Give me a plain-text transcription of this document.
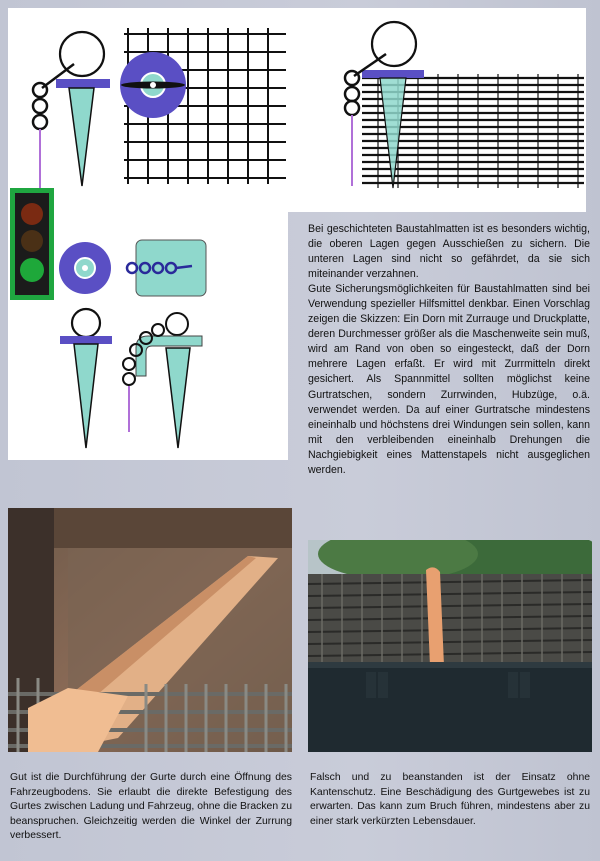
Bei geschichteten Baustahlmatten ist es besonders wichtig, die oberen Lagen gegen Ausschießen zu sichern. Die unteren Lagen sind nicht so gefährdet, da sie sich miteinander verzahnen.

Gute Sicherungsmöglichkeiten für Baustahlmatten sind bei Verwendung spezieller Hilfsmittel denkbar. Einen Vorschlag zeigen die Skizzen: Ein Dorn mit Zurrauge und Druckplatte, deren Durchmesser größer als die Maschenweite sein muß, wird am Rand von oben so eingesteckt, daß der Dorn mehrere Lagen erfaßt. Er wird mit Zurrmitteln direkt gesichert. Als Spannmittel sollten möglichst keine Gurtratschen, sondern Zurrwinden, Hubzüge, o.ä. verwendet werden. Da auf einer Gurtratsche mindestens eineinhalb und höchstens drei Windungen sein sollen, kann mit den verbleibenden eineinhalb Drehungen die Nachgiebigkeit eines Mattenstapels nicht ausgeglichen werden.

Gut ist die Durchführung der Gurte durch eine Öffnung des Fahrzeugbodens. Sie erlaubt die direkte Befestigung des Gurtes zwischen Ladung und Fahrzeug, ohne die Bracken zu beanspruchen. Gleichzeitig werden die Winkel der Zurrung verbessert.
Falsch und zu beanstanden ist der Einsatz ohne Kantenschutz. Eine Beschädigung des Gurtgewebes ist zu erwarten. Das kann zum Bruch führen, mindestens aber zu einer stark verkürzten Lebensdauer.
